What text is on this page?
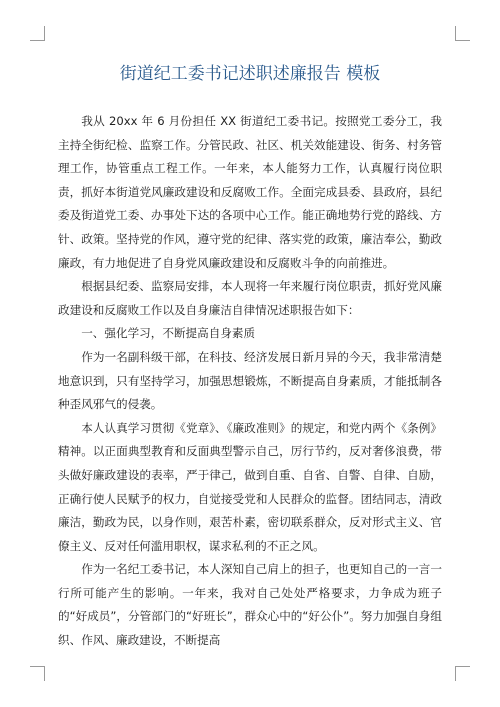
街道纪工委书记述职述廉报告 模板

我从 20xx 年 6 月份担任 XX 街道纪工委书记。按照党工委分工，我主持全街纪检、监察工作。分管民政、社区、机关效能建设、街务、村务管理工作，协管重点工程工作。一年来，本人能努力工作，认真履行岗位职责，抓好本街道党风廉政建设和反腐败工作。全面完成县委、县政府，县纪委及街道党工委、办事处下达的各项中心工作。能正确地势行党的路线、方针、政策。坚持党的作风，遵守党的纪律、落实党的政策，廉洁奉公，勤政廉政，有力地促进了自身党风廉政建设和反腐败斗争的向前推进。

根据县纪委、监察局安排，本人现将一年来履行岗位职责，抓好党风廉政建设和反腐败工作以及自身廉洁自律情况述职报告如下：

一、强化学习，不断提高自身素质

作为一名副科级干部，在科技、经济发展日新月异的今天，我非常清楚地意识到，只有坚持学习，加强思想锻炼，不断提高自身素质，才能抵制各种歪风邪气的侵袭。

本人认真学习贯彻《党章》、《廉政准则》的规定，和党内两个《条例》精神。以正面典型教育和反面典型警示自己，厉行节约，反对奢侈浪费，带头做好廉政建设的表率，严于律己，做到自重、自省、自警、自律、自励，正确行使人民赋予的权力，自觉接受党和人民群众的监督。团结同志，清政廉洁，勤政为民，以身作则，艰苦朴素，密切联系群众，反对形式主义、官僚主义、反对任何滥用职权，谋求私利的不正之风。

作为一名纪工委书记，本人深知自己肩上的担子，也更知自己的一言一行所可能产生的影响。一年来，我对自己处处严格要求，力争成为班子的“好成员”，分管部门的“好班长”，群众心中的“好公仆”。努力加强自身组织、作风、廉政建设，不断提高
